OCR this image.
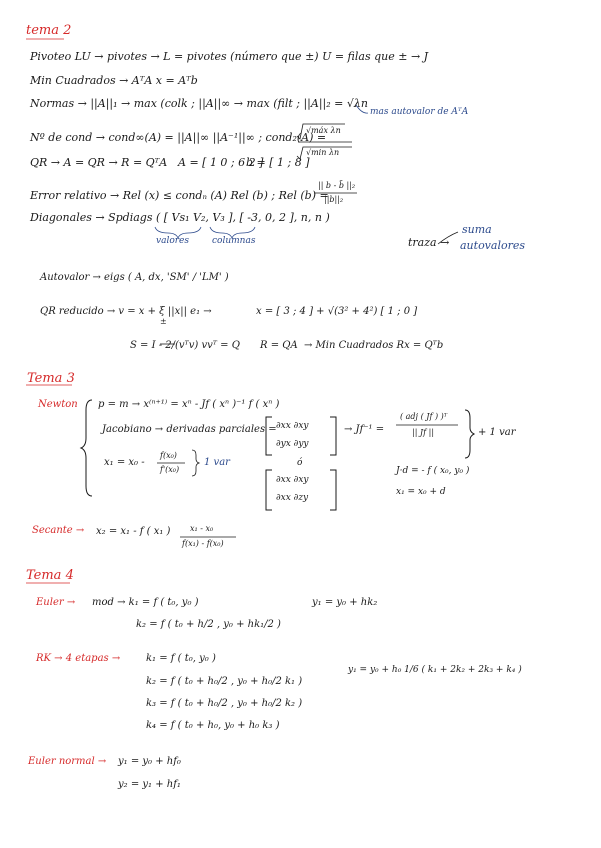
tema 2
Pivoteo LU → pivotes → L = pivotes (número que ±) U = filas que ± → J
Min Cuadrados → AᵀA x = Aᵀb
Normas → ||A||₁ → max (colk ; ||A||∞ → max (filt ; ||A||₂ = √λn
mas autovalor de AᵀA
Nº de cond → cond∞(A) = ||A||∞ ||A⁻¹||∞ ; cond₂(A) =
√máx λn
√min λn
QR → A = QR → R = QᵀA A = [ 1 0 ; 6 2 ]
b = [ 1 ; 8 ]
Error relativo → Rel (x) ≤ condₙ (A) Rel (b) ; Rel (b) =
|| b - b̃ ||₂
||b||₂
Diagonales → Spdiags ( [ Vs₁ V₂, V₃ ], [ -3, 0, 2 ], n, n )
valores	columnas	traza →
suma
autovalores
Autovalor → eigs ( A, dx, 'SM' / 'LM' )
QR reducido → v = x + ξ ||x|| e₁ →
±
x = [ 3 ; 4 ] + √(3² + 4²) [ 1 ; 0 ]
S = I - 2/(vᵀv) vvᵀ = Q R = QA → Min Cuadrados Rx = Qᵀb
Tema 3
Newton p = m → x⁽ⁿ⁺¹⁾ = xⁿ - Jf ( xⁿ )⁻¹ f ( xⁿ )
Jacobiano → derivadas parciales = ∂xx ∂xy
∂yx ∂yy
ó
∂xx ∂xy
∂xx ∂zy
→ Jf⁻¹ =
( adj ( Jf ) )ᵀ
|| Jf ||	+ 1 var
J·d = - f ( x₀, y₀ )
x₁ = x₀ + d
x₁ = x₀ -
f(x₀)
f'(x₀)
1 var
Secante → x₂ = x₁ - f ( x₁ ) x₁ - x₀
f(x₁) - f(x₀)
Tema 4
Euler → mod → k₁ = f ( t₀, y₀ )	y₁ = y₀ + hk₂
k₂ = f ( t₀ + h/2 , y₀ + hk₁/2 )
RK → 4 etapas →	k₁ = f ( t₀, y₀ )
k₂ = f ( t₀ + h₀/2 , y₀ + h₀/2 k₁ )
k₃ = f ( t₀ + h₀/2 , y₀ + h₀/2 k₂ )
k₄ = f ( t₀ + h₀, y₀ + h₀ k₃ )
y₁ = y₀ + h₀ 1/6 ( k₁ + 2k₂ + 2k₃ + k₄ )
Euler normal → y₁ = y₀ + hf₀
y₂ = y₁ + hf₁
